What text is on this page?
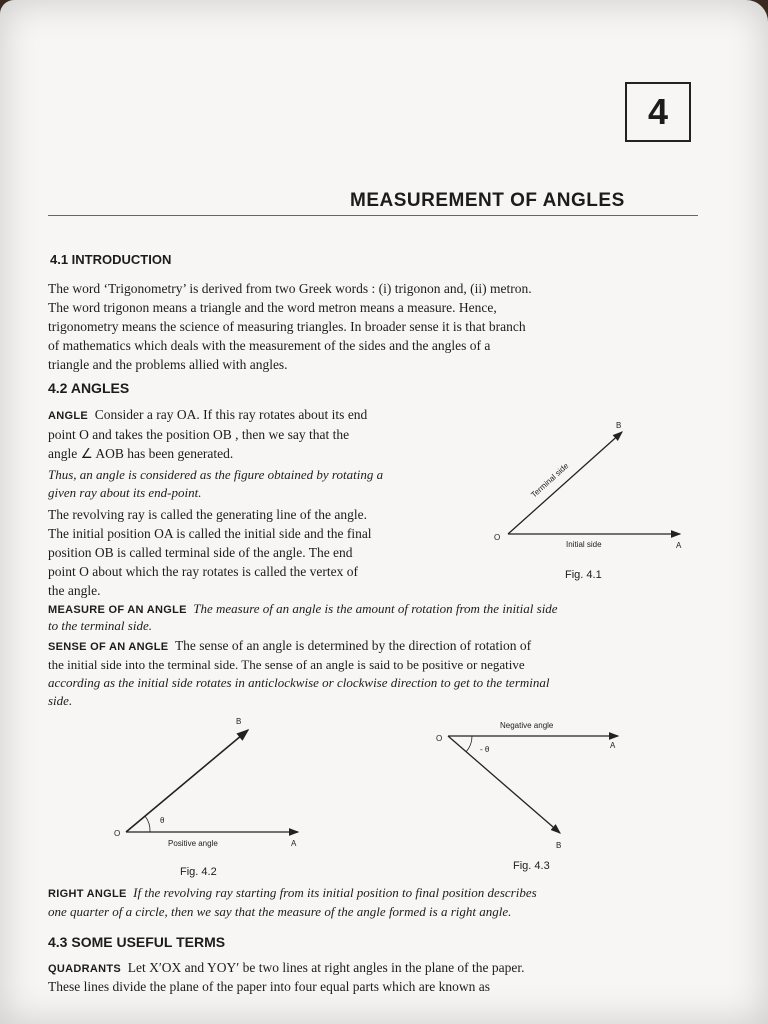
4
MEASUREMENT OF ANGLES
4.1 INTRODUCTION
The word ‘Trigonometry’ is derived from two Greek words : (i) trigonon and, (ii) metron.
The word trigonon means a triangle and the word metron means a measure. Hence,
trigonometry means the science of measuring triangles. In broader sense it is that branch
of mathematics which deals with the measurement of the sides and the angles of a
triangle and the problems allied with angles.
4.2 ANGLES
ANGLE Consider a ray OA. If this ray rotates about its end
point O and takes the position OB , then we say that the
angle ∠ AOB has been generated.
Thus, an angle is considered as the figure obtained by rotating a
given ray about its end-point.
The revolving ray is called the generating line of the angle.
The initial position OA is called the initial side and the final
position OB is called terminal side of the angle. The end
point O about which the ray rotates is called the vertex of
the angle.
MEASURE OF AN ANGLE The measure of an angle is the amount of rotation from the initial side
to the terminal side.
SENSE OF AN ANGLE The sense of an angle is determined by the direction of rotation of
the initial side into the terminal side. The sense of an angle is said to be positive or negative
according as the initial side rotates in anticlockwise or clockwise direction to get to the terminal
side.
O
A
B
Initial side
Terminal side
O
A
B
θ
Positive angle
O
A
B
- θ
Negative angle
Fig. 4.1
Fig. 4.2	Fig. 4.3
RIGHT ANGLE If the revolving ray starting from its initial position to final position describes
one quarter of a circle, then we say that the measure of the angle formed is a right angle.
4.3 SOME USEFUL TERMS
QUADRANTS Let X′OX and YOY′ be two lines at right angles in the plane of the paper.
These lines divide the plane of the paper into four equal parts which are known as
